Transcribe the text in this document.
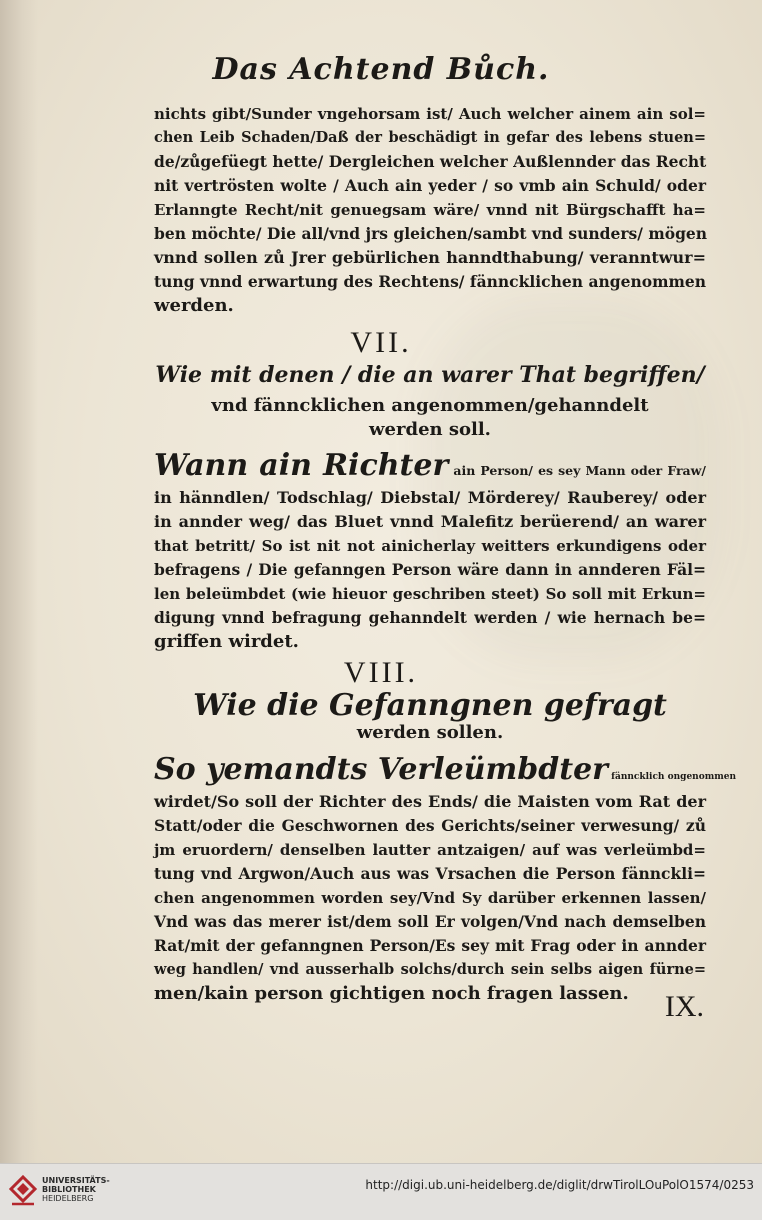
Das Achtend Bůch.
nichts gibt/Sunder vngehorsam ist/ Auch welcher ainem ain sol=
chen Leib Schaden/Daß der beschädigt in gefar des lebens stuen=
de/zůgefüegt hette/ Dergleichen welcher Außlennder das Recht
nit vertrösten wolte / Auch ain yeder / so vmb ain Schuld/ oder
Erlanngte Recht/nit genuegsam wäre/ vnnd nit Bürgschafft ha=
ben möchte/ Die all/vnd jrs gleichen/sambt vnd sunders/ mögen
vnnd sollen zů Jrer gebürlichen hanndthabung/ veranntwur=
tung vnnd erwartung des Rechtens/ fänncklichen angenommen
werden.
VII.
Wie mit denen / die an warer That begriffen/
vnd fänncklichen angenommen/gehanndelt
werden soll.
Wann ain Richter ain Person/ es sey Mann oder Fraw/
in hänndlen/ Todschlag/ Diebstal/ Mörderey/ Rauberey/ oder
in annder weg/ das Bluet vnnd Malefitz berüerend/ an warer
that betritt/ So ist nit not ainicherlay weitters erkundigens oder
befragens / Die gefanngen Person wäre dann in annderen Fäl=
len beleümbdet (wie hieuor geschriben steet) So soll mit Erkun=
digung vnnd befragung gehanndelt werden / wie hernach be=
griffen wirdet.
VIII.
Wie die Gefanngnen gefragt
werden sollen.
So yemandts Verleümbdter fänncklich ongenommen
wirdet/So soll der Richter des Ends/ die Maisten vom Rat der
Statt/oder die Geschwornen des Gerichts/seiner verwesung/ zů
jm eruordern/ denselben lautter antzaigen/ auf was verleümbd=
tung vnd Argwon/Auch aus was Vrsachen die Person fännckli=
chen angenommen worden sey/Vnd Sy darüber erkennen lassen/
Vnd was das merer ist/dem soll Er volgen/Vnd nach demselben
Rat/mit der gefanngnen Person/Es sey mit Frag oder in annder
weg handlen/ vnd ausserhalb solchs/durch sein selbs aigen fürne=
men/kain person gichtigen noch fragen lassen.	IX.
UNIVERSITÄTS-
BIBLIOTHEK
HEIDELBERG
http://digi.ub.uni-heidelberg.de/diglit/drwTirolLOuPolO1574/0253
